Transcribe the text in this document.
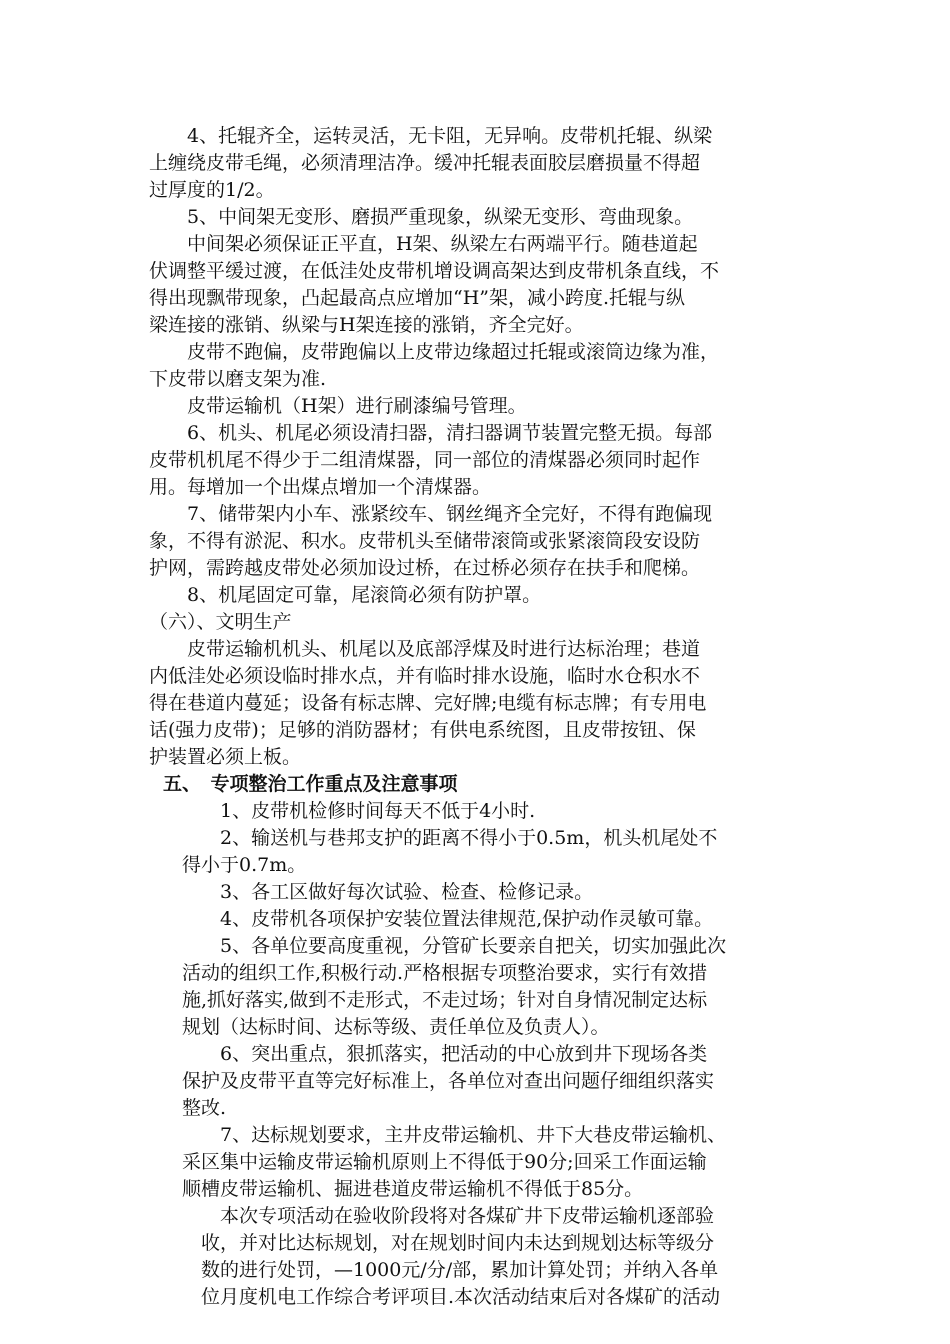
　　4、托辊齐全，运转灵活，无卡阻，无异响。皮带机托辊、纵梁
上缠绕皮带毛绳，必须清理洁净。缓冲托辊表面胶层磨损量不得超
过厚度的1/2。
　　5、中间架无变形、磨损严重现象，纵梁无变形、弯曲现象。
　　中间架必须保证正平直，H架、纵梁左右两端平行。随巷道起
伏调整平缓过渡，在低洼处皮带机增设调高架达到皮带机条直线，不
得出现飘带现象，凸起最高点应增加“H”架，减小跨度.托辊与纵
梁连接的涨销、纵梁与H架连接的涨销，齐全完好。
　　皮带不跑偏，皮带跑偏以上皮带边缘超过托辊或滚筒边缘为准，
下皮带以磨支架为准.
　　皮带运输机（H架）进行刷漆编号管理。
　　6、机头、机尾必须设清扫器，清扫器调节装置完整无损。每部
皮带机机尾不得少于二组清煤器，同一部位的清煤器必须同时起作
用。每增加一个出煤点增加一个清煤器。
　　7、储带架内小车、涨紧绞车、钢丝绳齐全完好，不得有跑偏现
象，不得有淤泥、积水。皮带机头至储带滚筒或张紧滚筒段安设防
护网，需跨越皮带处必须加设过桥，在过桥必须存在扶手和爬梯。
　　8、机尾固定可靠，尾滚筒必须有防护罩。
（六）、文明生产
　　皮带运输机机头、机尾以及底部浮煤及时进行达标治理；巷道
内低洼处必须设临时排水点，并有临时排水设施，临时水仓积水不
得在巷道内蔓延；设备有标志牌、完好牌;电缆有标志牌；有专用电
话(强力皮带)；足够的消防器材；有供电系统图，且皮带按钮、保
护装置必须上板。
五、　专项整治工作重点及注意事项
　　　1、皮带机检修时间每天不低于4小时.
　　　2、输送机与巷邦支护的距离不得小于0.5m，机头机尾处不
　得小于0.7m。
　　　3、各工区做好每次试验、检查、检修记录。
　　　4、皮带机各项保护安装位置法律规范,保护动作灵敏可靠。
　　　5、各单位要高度重视，分管矿长要亲自把关，切实加强此次
　活动的组织工作,积极行动.严格根据专项整治要求，实行有效措
　施,抓好落实,做到不走形式，不走过场；针对自身情况制定达标
　规划（达标时间、达标等级、责任单位及负责人）。
　　　6、突出重点，狠抓落实，把活动的中心放到井下现场各类
　保护及皮带平直等完好标准上，各单位对查出问题仔细组织落实
　整改.
　　　7、达标规划要求，主井皮带运输机、井下大巷皮带运输机、
　采区集中运输皮带运输机原则上不得低于90分;回采工作面运输
　顺槽皮带运输机、掘进巷道皮带运输机不得低于85分。
　　　本次专项活动在验收阶段将对各煤矿井下皮带运输机逐部验
　　收，并对比达标规划，对在规划时间内未达到规划达标等级分
　　数的进行处罚，—1000元/分/部，累加计算处罚；并纳入各单
　　位月度机电工作综合考评项目.本次活动结束后对各煤矿的活动
